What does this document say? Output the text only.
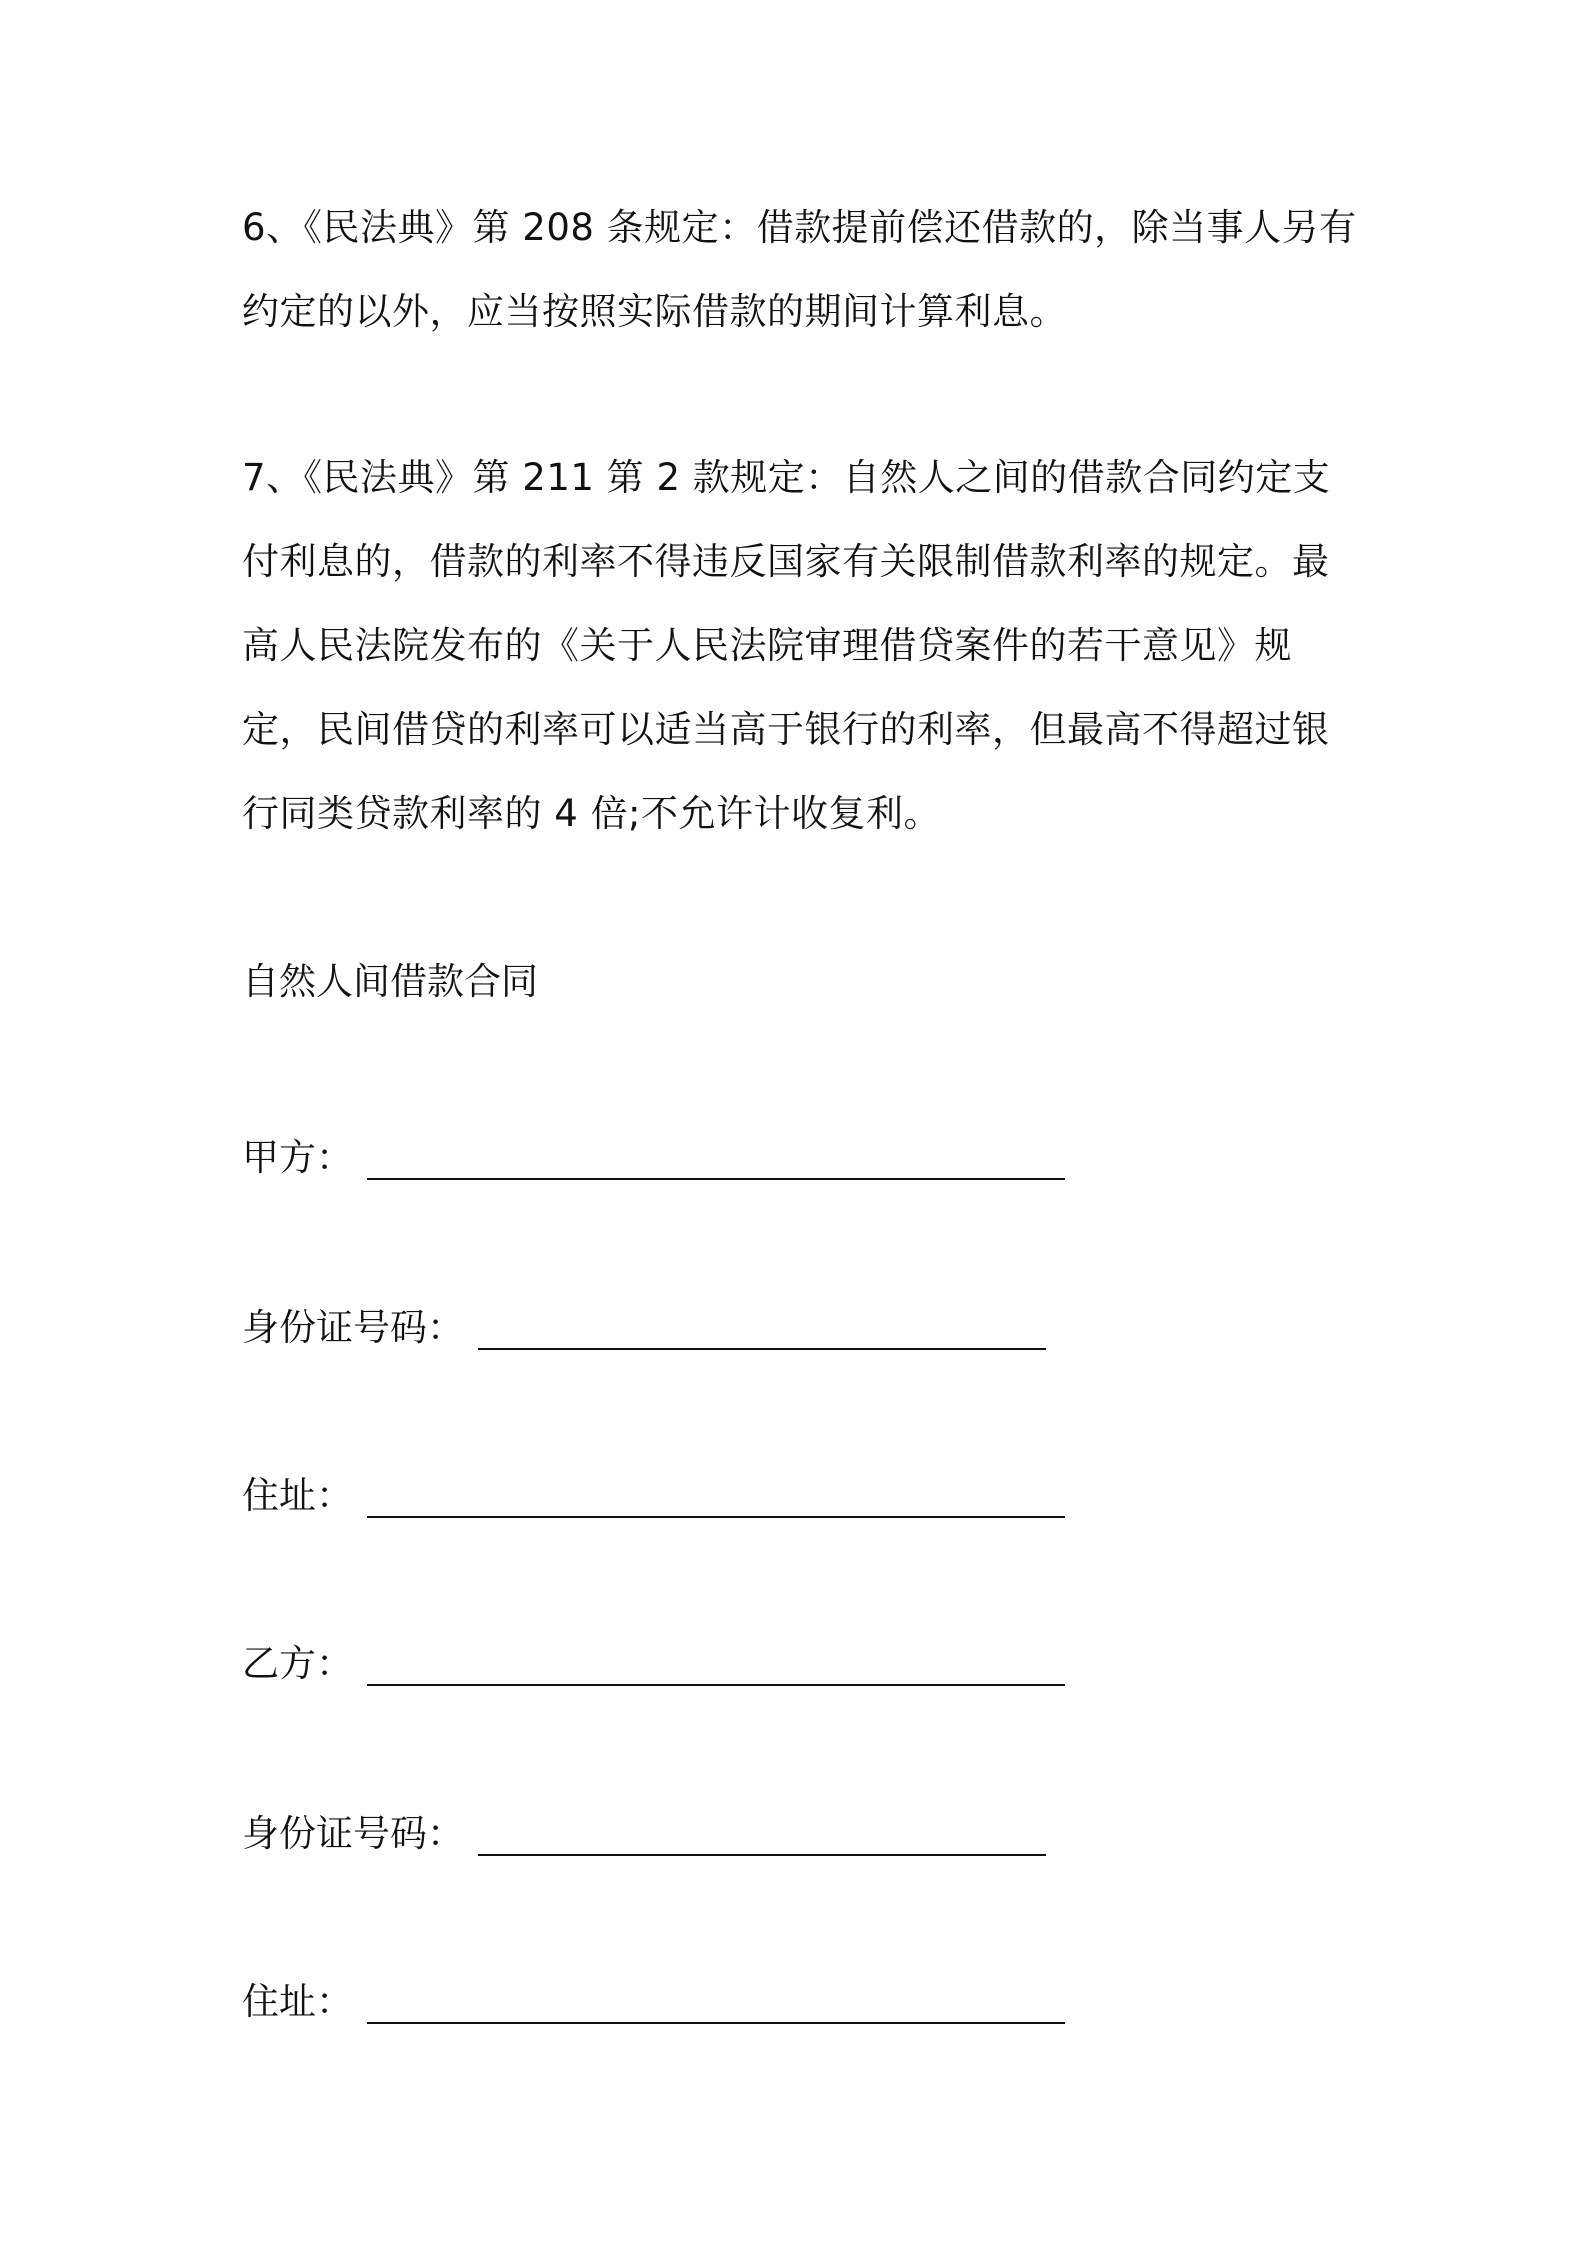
6、《民法典》第 208 条规定：借款提前偿还借款的，除当事人另有约定的以外，应当按照实际借款的期间计算利息。

7、《民法典》第 211 第 2 款规定：自然人之间的借款合同约定支付利息的，借款的利率不得违反国家有关限制借款利率的规定。最高人民法院发布的《关于人民法院审理借贷案件的若干意见》规定，民间借贷的利率可以适当高于银行的利率，但最高不得超过银行同类贷款利率的 4 倍;不允许计收复利。

自然人间借款合同

甲方：
身份证号码：
住址：
乙方：
身份证号码：
住址：
